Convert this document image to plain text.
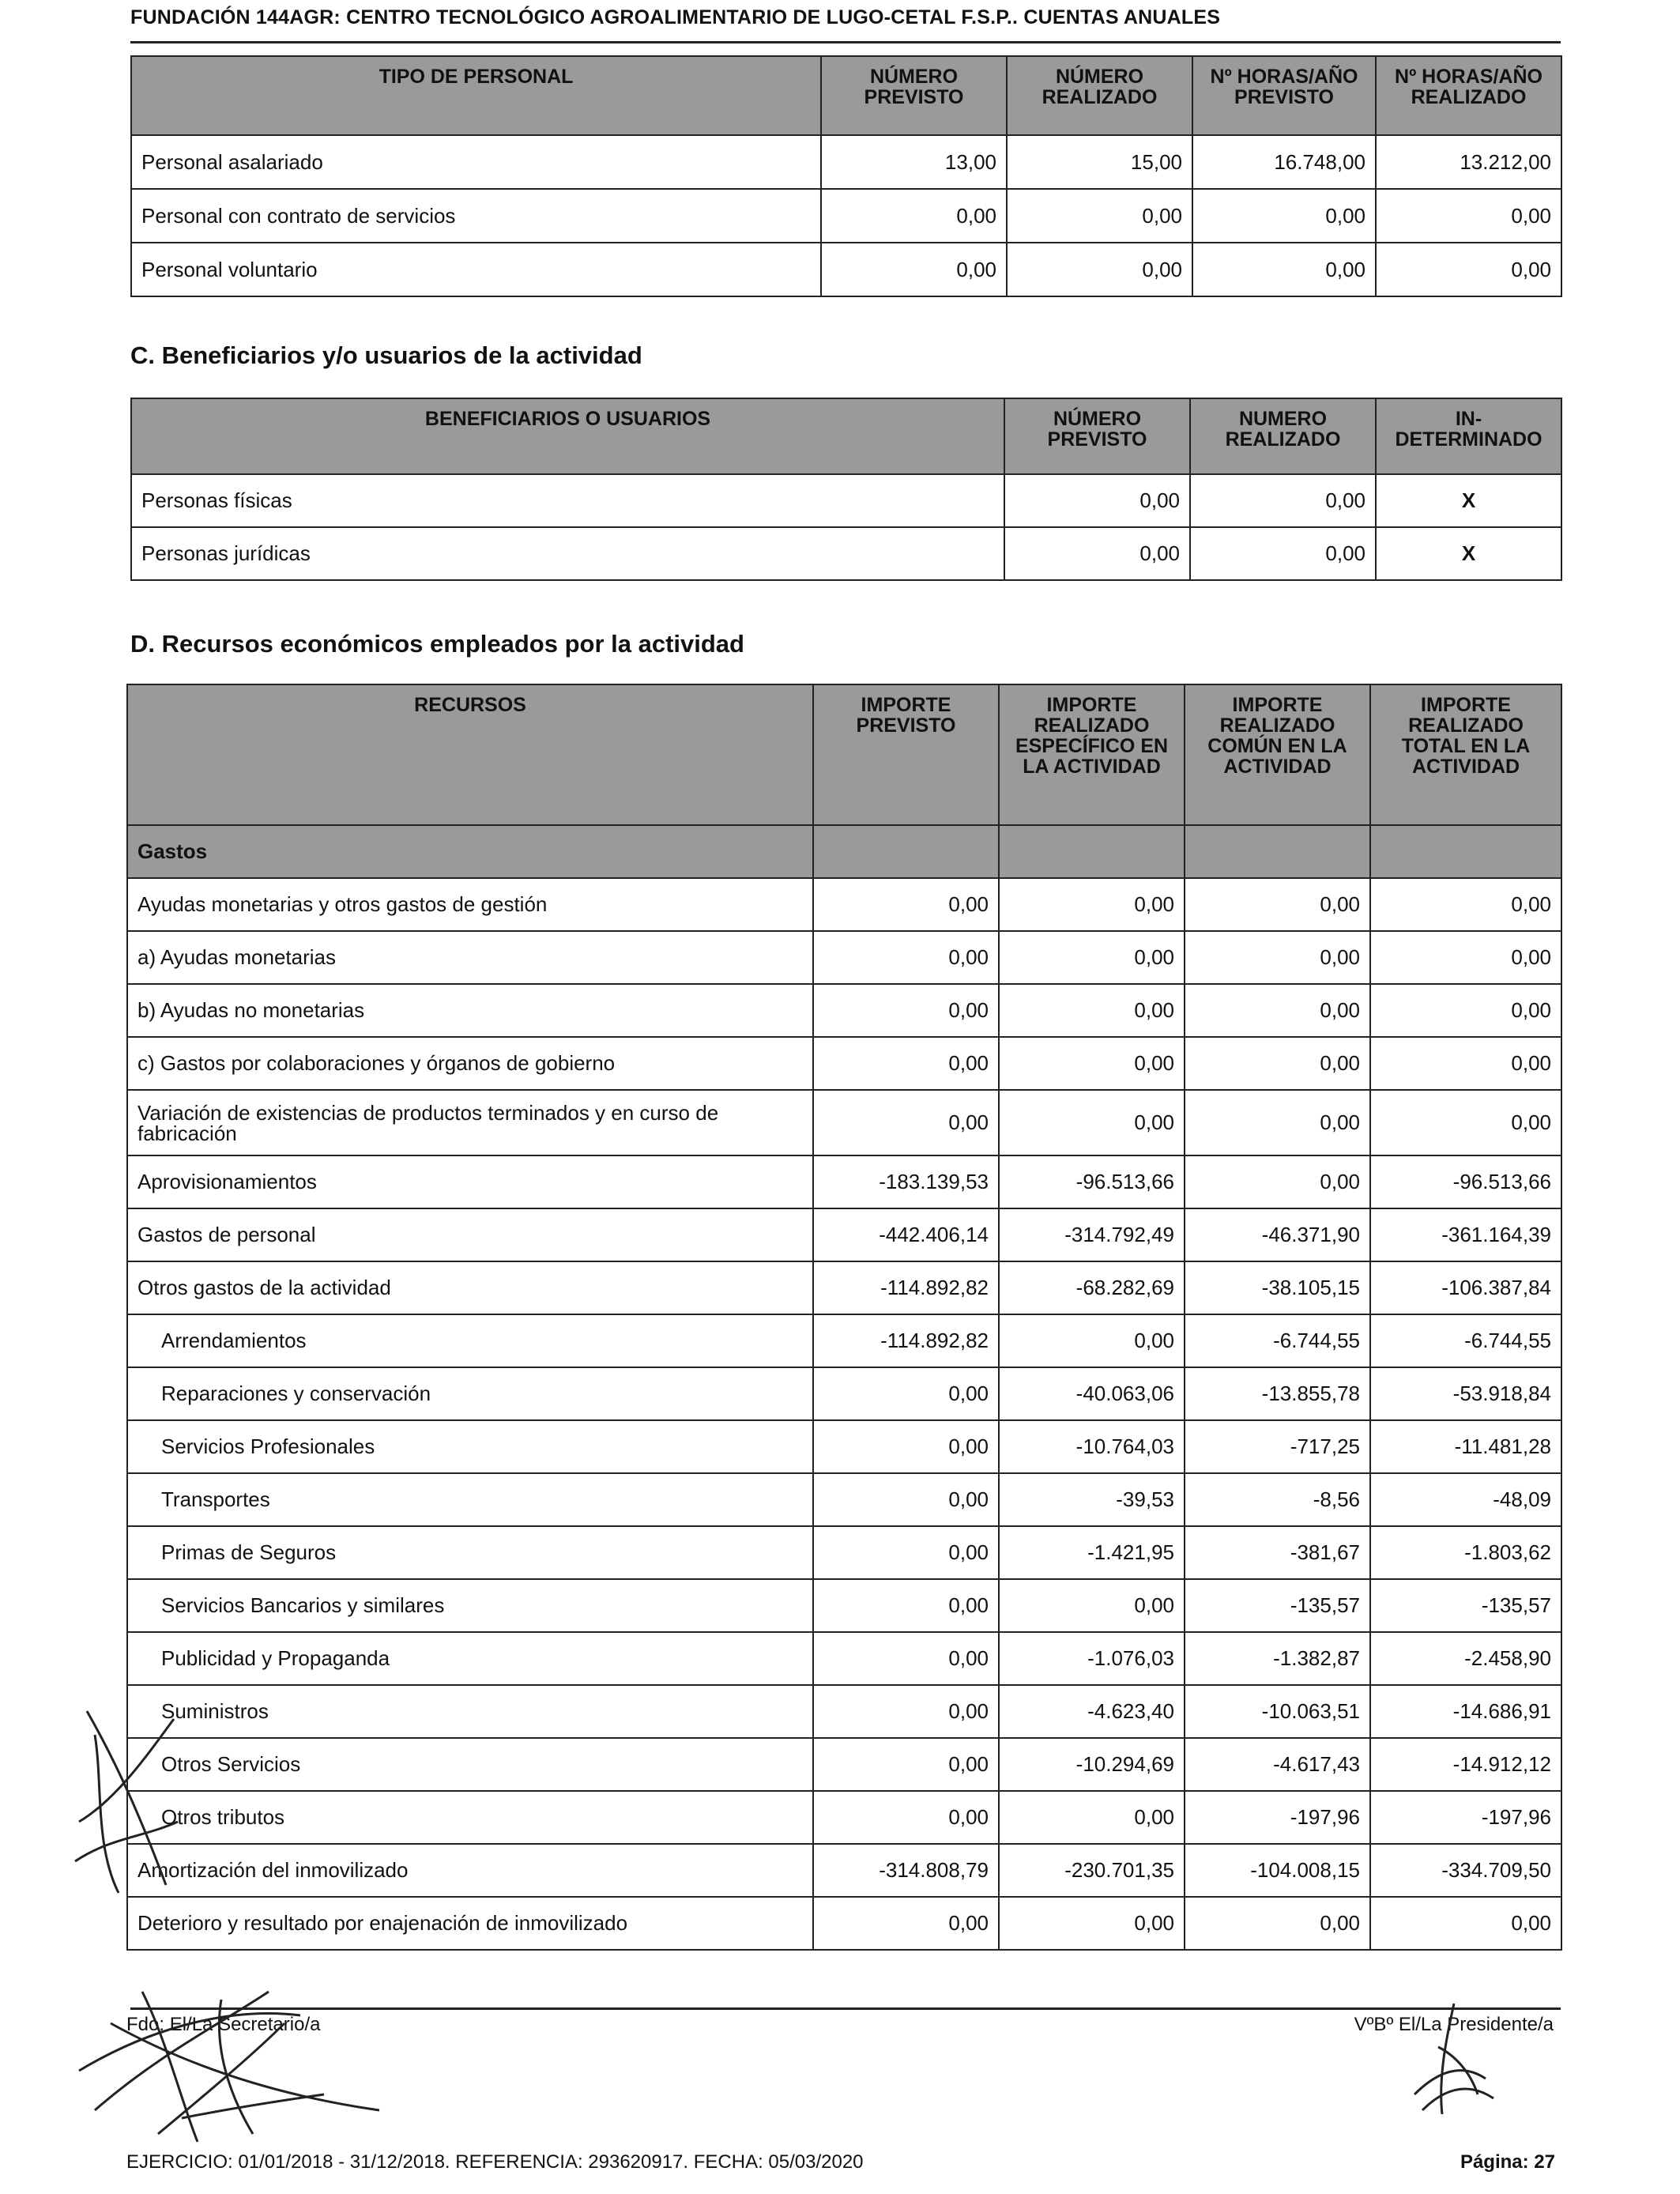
FUNDACIÓN 144AGR: CENTRO TECNOLÓGICO AGROALIMENTARIO DE LUGO-CETAL F.S.P.. CUENTAS ANUALES
TIPO DE PERSONAL	NÚMERO PREVISTO	NÚMERO REALIZADO	Nº HORAS/AÑO PREVISTO	Nº HORAS/AÑO REALIZADO
Personal asalariado	13,00	15,00	16.748,00	13.212,00
Personal con contrato de servicios	0,00	0,00	0,00	0,00
Personal voluntario	0,00	0,00	0,00	0,00
C. Beneficiarios y/o usuarios de la actividad
BENEFICIARIOS O USUARIOS	NÚMERO PREVISTO	NUMERO REALIZADO	IN-DETERMINADO
Personas físicas	0,00	0,00	X
Personas jurídicas	0,00	0,00	X
D. Recursos económicos empleados por la actividad
RECURSOS	IMPORTE PREVISTO	IMPORTE REALIZADO ESPECÍFICO EN LA ACTIVIDAD	IMPORTE REALIZADO COMÚN EN LA ACTIVIDAD	IMPORTE REALIZADO TOTAL EN LA ACTIVIDAD
Gastos				
Ayudas monetarias y otros gastos de gestión	0,00	0,00	0,00	0,00
a) Ayudas monetarias	0,00	0,00	0,00	0,00
b) Ayudas no monetarias	0,00	0,00	0,00	0,00
c) Gastos por colaboraciones y órganos de gobierno	0,00	0,00	0,00	0,00
Variación de existencias de productos terminados y en curso de fabricación	0,00	0,00	0,00	0,00
Aprovisionamientos	-183.139,53	-96.513,66	0,00	-96.513,66
Gastos de personal	-442.406,14	-314.792,49	-46.371,90	-361.164,39
Otros gastos de la actividad	-114.892,82	-68.282,69	-38.105,15	-106.387,84
Arrendamientos	-114.892,82	0,00	-6.744,55	-6.744,55
Reparaciones y conservación	0,00	-40.063,06	-13.855,78	-53.918,84
Servicios Profesionales	0,00	-10.764,03	-717,25	-11.481,28
Transportes	0,00	-39,53	-8,56	-48,09
Primas de Seguros	0,00	-1.421,95	-381,67	-1.803,62
Servicios Bancarios y similares	0,00	0,00	-135,57	-135,57
Publicidad y Propaganda	0,00	-1.076,03	-1.382,87	-2.458,90
Suministros	0,00	-4.623,40	-10.063,51	-14.686,91
Otros Servicios	0,00	-10.294,69	-4.617,43	-14.912,12
Otros tributos	0,00	0,00	-197,96	-197,96
Amortización del inmovilizado	-314.808,79	-230.701,35	-104.008,15	-334.709,50
Deterioro y resultado por enajenación de inmovilizado	0,00	0,00	0,00	0,00
Fdo: El/La Secretario/a	VºBº El/La Presidente/a
EJERCICIO: 01/01/2018 - 31/12/2018. REFERENCIA: 293620917. FECHA: 05/03/2020	Página: 27
